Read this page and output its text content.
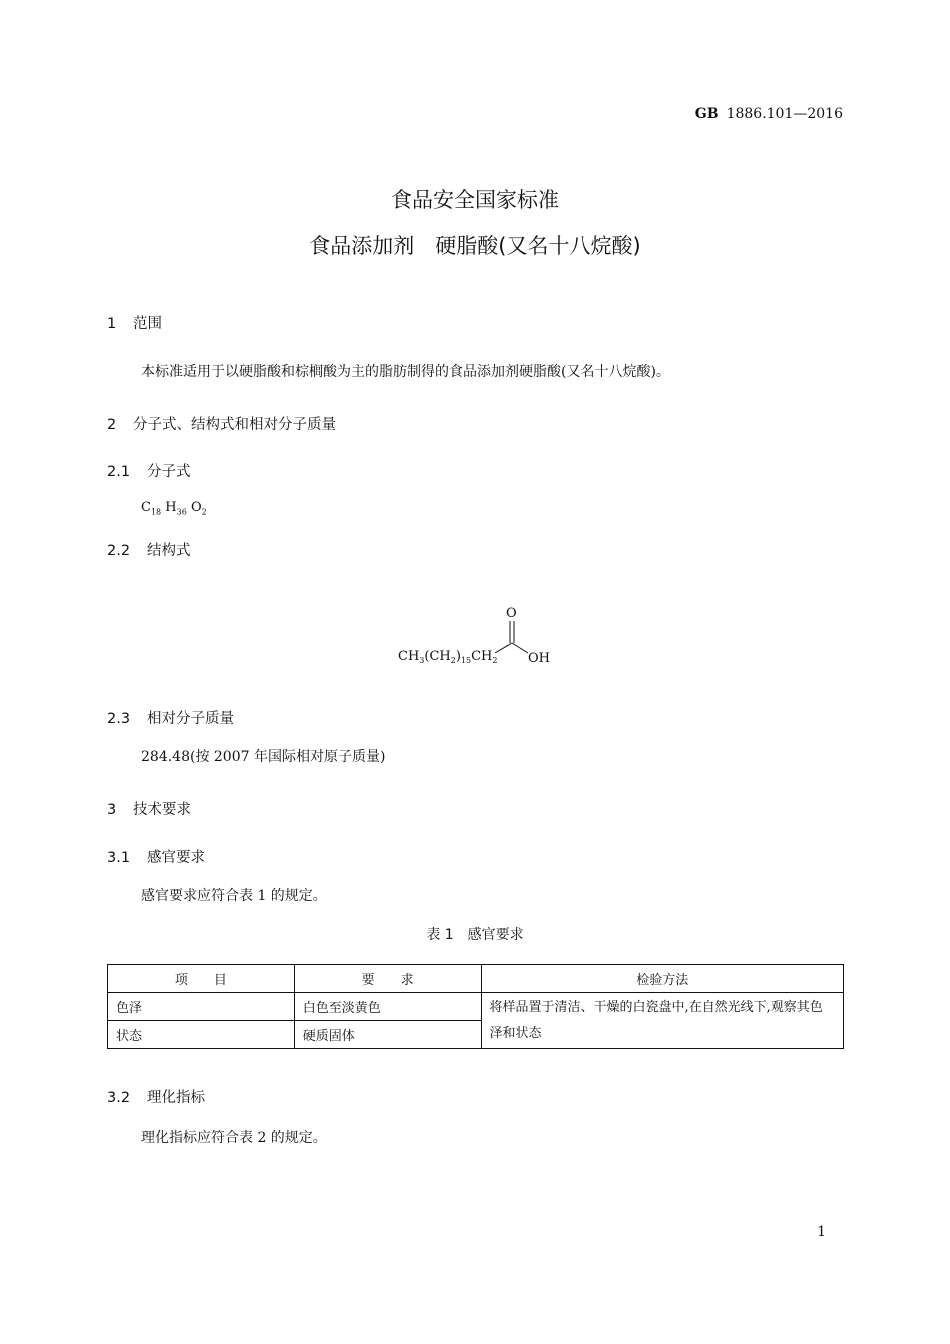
GB 1886.101—2016
食品安全国家标准
食品添加剂　硬脂酸(又名十八烷酸)
1 范围
本标准适用于以硬脂酸和棕榈酸为主的脂肪制得的食品添加剂硬脂酸(又名十八烷酸)。
2 分子式、结构式和相对分子质量
2.1 分子式
$C_{18}$ $H_{36}$ $O_2$
2.2 结构式
$CH_3(CH_2)_{15}CH_2$
O
OH
2.3 相对分子质量
284.48(按 2007 年国际相对原子质量)
3 技术要求
3.1 感官要求
感官要求应符合表 1 的规定。
表 1　感官要求
项　　目	要　　求	检验方法
色泽	白色至淡黄色	将样品置于清洁、干燥的白瓷盘中,在自然光线下,观察其色泽和状态
状态	硬质固体	
3.2 理化指标
理化指标应符合表 2 的规定。
1
